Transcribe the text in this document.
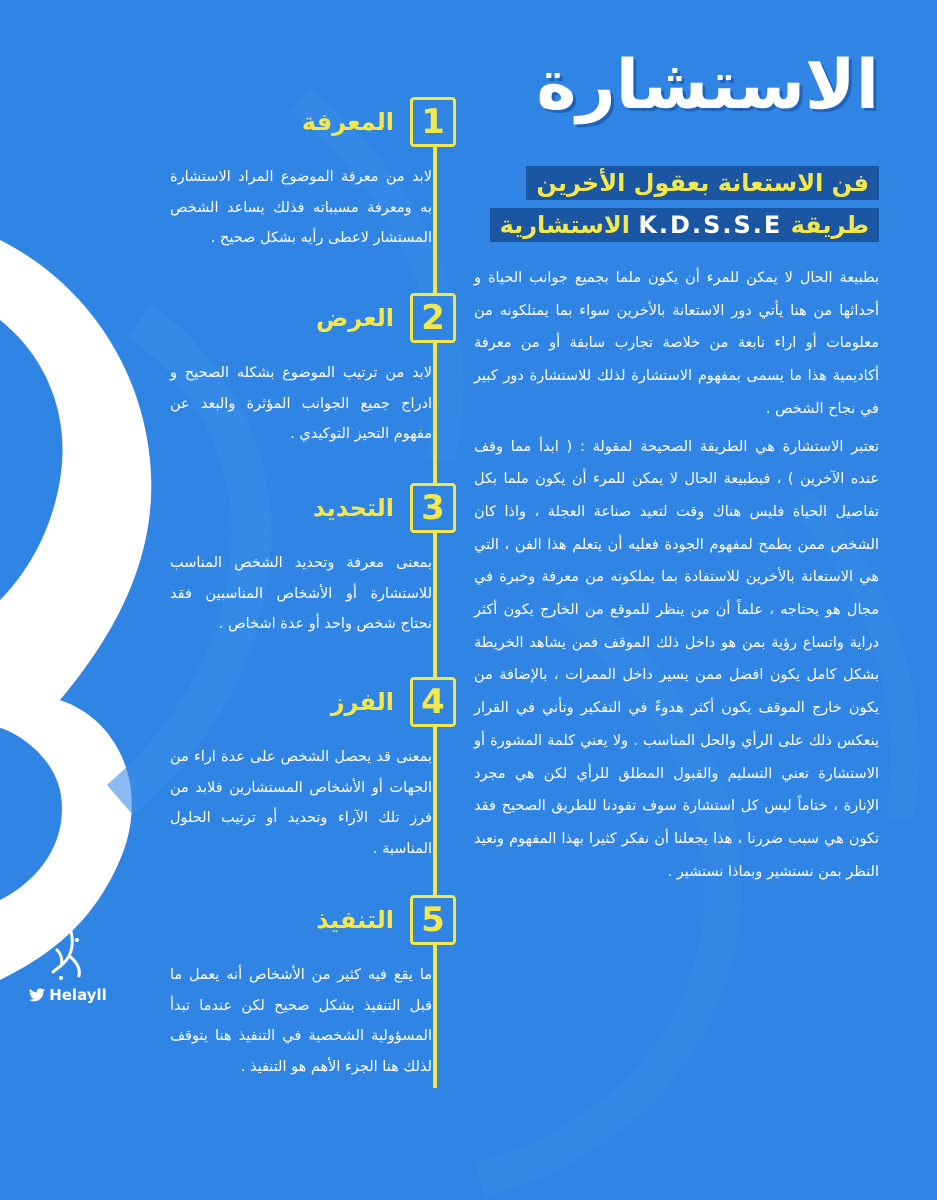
الاستشارة
فن الاستعانة بعقول الأخرين
طريقة K.D.S.S.E الاستشارية

بطبيعة الحال لا يمكن للمرء أن يكون ملما بجميع جوانب الحياة و أحداثها من هنا يأتي دور الاستعانة بالأخرين سواء بما يمتلكونه من معلومات أو اراء نابعة من خلاصة تجارب سابقة أو من معرفة أكاديمية هذا ما يسمى بمفهوم الاستشارة لذلك للاستشارة دور كبير في نجاح الشخص .

تعتبر الاستشارة هي الطريقة الصحيحة لمقولة : ( ابدأ مما وقف عنده الآخرين ) ، فبطبيعة الحال لا يمكن للمرء أن يكون ملما بكل تفاصيل الحياة فليس هناك وقت لتعيد صناعة العجلة ، واذا كان الشخص ممن يطمح لمفهوم الجودة فعليه أن يتعلم هذا الفن ، التي هي الاستعانة بالأخرين للاستفادة بما يملكونه من معرفة وخبرة في مجال هو يحتاجه ، علماً أن من ينظر للموقع من الخارج يكون أكثر دراية واتساع رؤية بمن هو داخل ذلك الموقف فمن يشاهد الخريطة بشكل كامل يكون افضل ممن يسير داخل الممرات ، بالإضافة من يكون خارج الموقف يكون أكثر هدوءً في التفكير وتأني في القرار ينعكس ذلك على الرأي والحل المناسب . ولا يعني كلمة المشورة أو الاستشارة تعني التسليم والقبول المطلق للرأي لكن هي مجرد الإنارة ، ختاماً ليس كل استشارة سوف تقودنا للطريق الصحيح فقد تكون هي سبب ضررنا ، هذا يجعلنا أن نفكر كثيرا بهذا المفهوم ونعيد النظر بمن نستشير وبماذا نستشير .

1
المعرفة
لابد من معرفة الموضوع المراد الاستشارة به ومعرفة مسبباته فذلك يساعد الشخص المستشار لاعطى رأيه بشكل صحيح .
2
العرض
لابد من ترتيب الموضوع بشكله الصحيح و ادراج جميع الجوانب المؤثرة والبعد عن مفهوم التحيز التوكيدي .
3
التحديد
بمعنى معرفة وتحديد الشخص المناسب للاستشارة أو الأشخاص المناسبين فقد نحتاج شخص واحد أو عدة اشخاص .
4
الفرز
بمعنى قد يحصل الشخص على عدة اراء من الجهات أو الأشخاص المستشارين فلابد من فرز تلك الآراء وتحديد أو ترتيب الحلول المناسبة .
5
التنفيذ
ما يقع فيه كثير من الأشخاص أنه يعمل ما قبل التنفيذ بشكل صحيح لكن عندما تبدأ المسؤولية الشخصية في التنفيذ هنا يتوقف لذلك هنا الجزء الأهم هو التنفيذ .
Helayll
